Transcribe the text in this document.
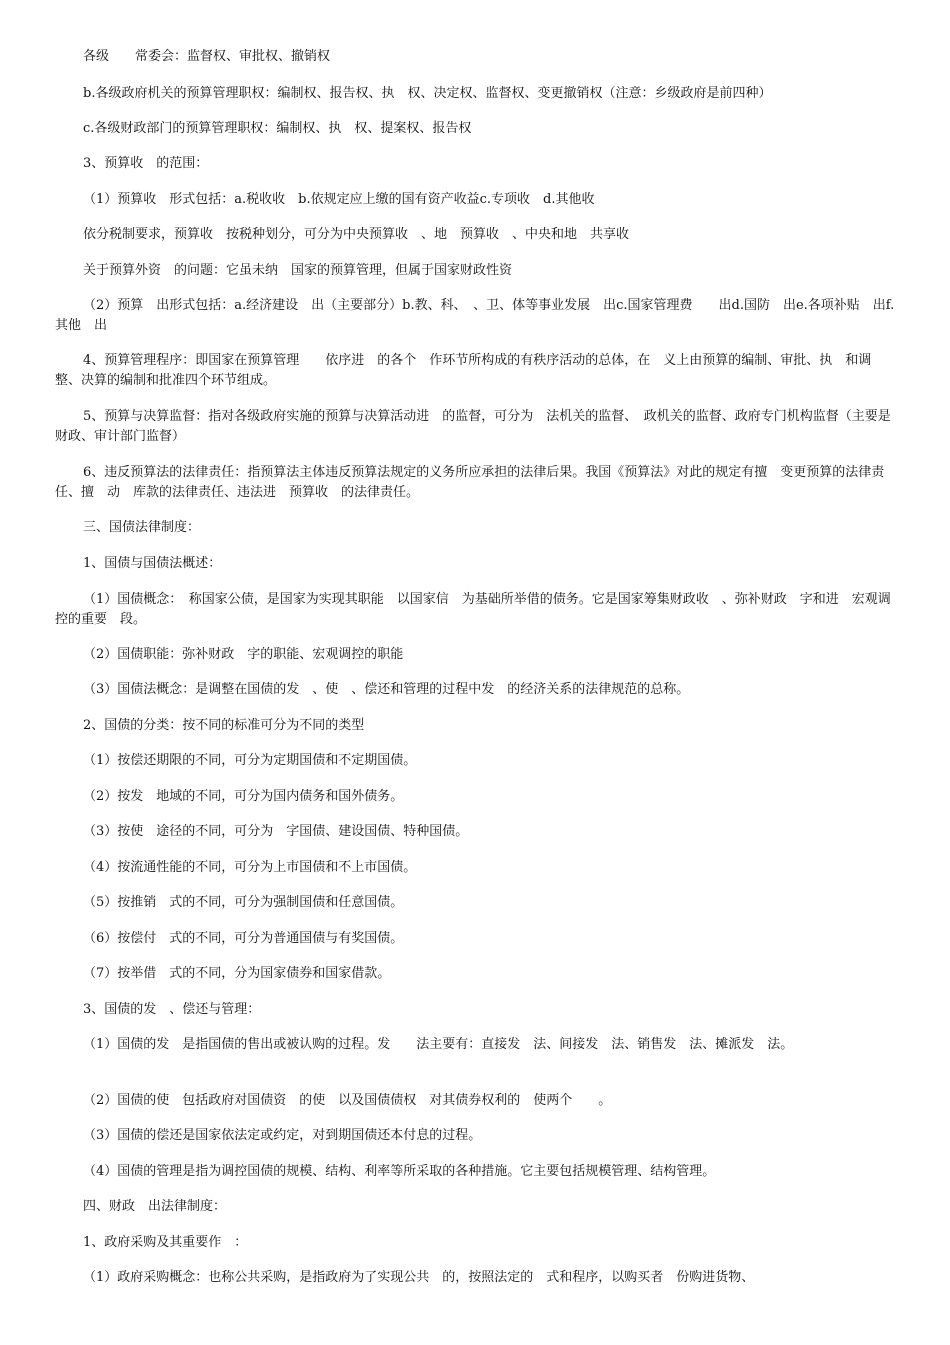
各级　　常委会：监督权、审批权、撤销权

b.各级政府机关的预算管理职权：编制权、报告权、执　权、决定权、监督权、变更撤销权（注意：乡级政府是前四种）

c.各级财政部门的预算管理职权：编制权、执　权、提案权、报告权

3、预算收　的范围：

（1）预算收　形式包括：a.税收收　b.依规定应上缴的国有资产收益c.专项收　d.其他收

依分税制要求，预算收　按税种划分，可分为中央预算收　、地　预算收　、中央和地　共享收

关于预算外资　的问题：它虽未纳　国家的预算管理，但属于国家财政性资

（2）预算　出形式包括：a.经济建设　出（主要部分）b.教、科、　、卫、体等事业发展　出c.国家管理费　　出d.国防　出e.各项补贴　出f.其他　出

4、预算管理程序：即国家在预算管理　　依序进　的各个　作环节所构成的有秩序活动的总体，在　义上由预算的编制、审批、执　和调整、决算的编制和批准四个环节组成。

5、预算与决算监督：指对各级政府实施的预算与决算活动进　的监督，可分为　法机关的监督、　政机关的监督、政府专门机构监督（主要是财政、审计部门监督）

6、违反预算法的法律责任：指预算法主体违反预算法规定的义务所应承担的法律后果。我国《预算法》对此的规定有擅　变更预算的法律责任、擅　动　库款的法律责任、违法进　预算收　的法律责任。

三、国债法律制度：

1、国债与国债法概述：

（1）国债概念：　称国家公债，是国家为实现其职能　以国家信　为基础所举借的债务。它是国家筹集财政收　、弥补财政　字和进　宏观调控的重要　段。

（2）国债职能：弥补财政　字的职能、宏观调控的职能

（3）国债法概念：是调整在国债的发　、使　、偿还和管理的过程中发　的经济关系的法律规范的总称。

2、国债的分类：按不同的标准可分为不同的类型

（1）按偿还期限的不同，可分为定期国债和不定期国债。

（2）按发　地域的不同，可分为国内债务和国外债务。

（3）按使　途径的不同，可分为　字国债、建设国债、特种国债。

（4）按流通性能的不同，可分为上市国债和不上市国债。

（5）按推销　式的不同，可分为强制国债和任意国债。

（6）按偿付　式的不同，可分为普通国债与有奖国债。

（7）按举借　式的不同，分为国家债券和国家借款。

3、国债的发　、偿还与管理：

（1）国债的发　是指国债的售出或被认购的过程。发　　法主要有：直接发　法、间接发　法、销售发　法、摊派发　法。

（2）国债的使　包括政府对国债资　的使　以及国债债权　对其债券权利的　使两个　　。

（3）国债的偿还是国家依法定或约定，对到期国债还本付息的过程。

（4）国债的管理是指为调控国债的规模、结构、利率等所采取的各种措施。它主要包括规模管理、结构管理。

四、财政　出法律制度：

1、政府采购及其重要作　：

（1）政府采购概念：也称公共采购，是指政府为了实现公共　的，按照法定的　式和程序，以购买者　份购进货物、
